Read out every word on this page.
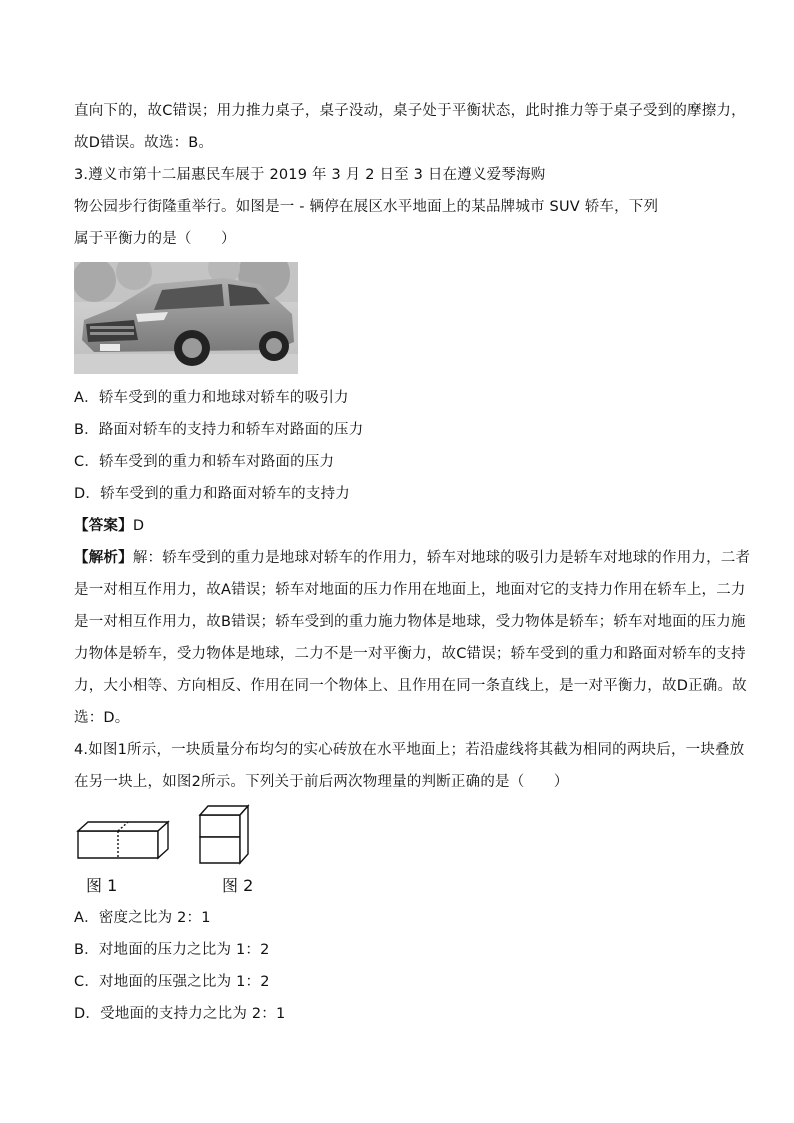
直向下的，故C错误；用力推力桌子，桌子没动，桌子处于平衡状态，此时推力等于桌子受到的摩擦力，
故D错误。故选：B。
3.遵义市第十二届惠民车展于 2019 年 3 月 2 日至 3 日在遵义爱琴海购
物公园步行街隆重举行。如图是一 - 辆停在展区水平地面上的某品牌城市 SUV 轿车，下列
属于平衡力的是（　　）
A．轿车受到的重力和地球对轿车的吸引力
B．路面对轿车的支持力和轿车对路面的压力
C．轿车受到的重力和轿车对路面的压力
D．轿车受到的重力和路面对轿车的支持力
【答案】D
【解析】解：轿车受到的重力是地球对轿车的作用力，轿车对地球的吸引力是轿车对地球的作用力，二者
是一对相互作用力，故A错误；轿车对地面的压力作用在地面上，地面对它的支持力作用在轿车上，二力
是一对相互作用力，故B错误；轿车受到的重力施力物体是地球，受力物体是轿车；轿车对地面的压力施
力物体是轿车，受力物体是地球，二力不是一对平衡力，故C错误；轿车受到的重力和路面对轿车的支持
力，大小相等、方向相反、作用在同一个物体上、且作用在同一条直线上，是一对平衡力，故D正确。故
选：D。
4.如图1所示，一块质量分布均匀的实心砖放在水平地面上；若沿虚线将其截为相同的两块后，一块叠放
在另一块上，如图2所示。下列关于前后两次物理量的判断正确的是（　　）
图 1	图 2
A．密度之比为 2：1
B．对地面的压力之比为 1：2
C．对地面的压强之比为 1：2
D．受地面的支持力之比为 2：1
